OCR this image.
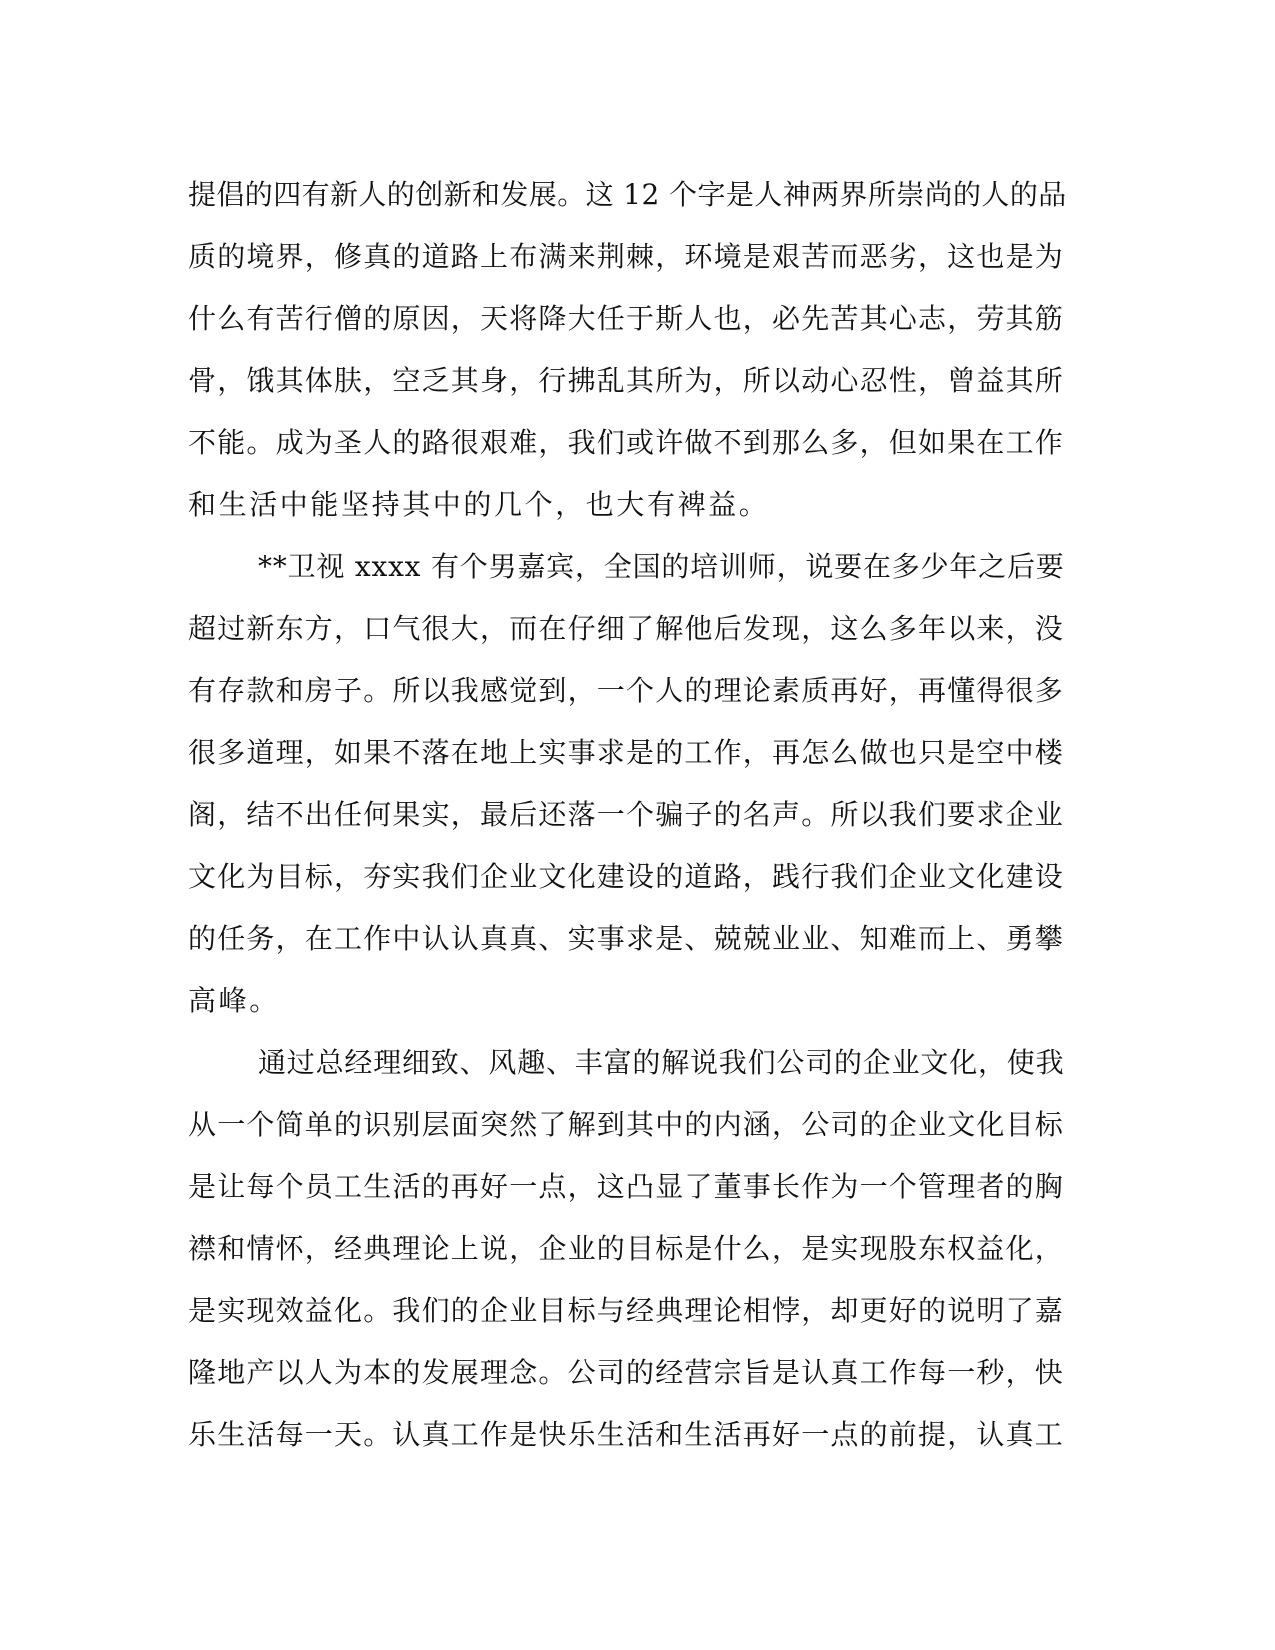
提倡的四有新人的创新和发展。这 12 个字是人神两界所崇尚的人的品
质的境界，修真的道路上布满来荆棘，环境是艰苦而恶劣，这也是为
什么有苦行僧的原因，天将降大任于斯人也，必先苦其心志，劳其筋
骨，饿其体肤，空乏其身，行拂乱其所为，所以动心忍性，曾益其所
不能。成为圣人的路很艰难，我们或许做不到那么多，但如果在工作
和生活中能坚持其中的几个，也大有裨益。
**卫视 xxxx 有个男嘉宾，全国的培训师，说要在多少年之后要
超过新东方，口气很大，而在仔细了解他后发现，这么多年以来，没
有存款和房子。所以我感觉到，一个人的理论素质再好，再懂得很多
很多道理，如果不落在地上实事求是的工作，再怎么做也只是空中楼
阁，结不出任何果实，最后还落一个骗子的名声。所以我们要求企业
文化为目标，夯实我们企业文化建设的道路，践行我们企业文化建设
的任务，在工作中认认真真、实事求是、兢兢业业、知难而上、勇攀
高峰。
通过总经理细致、风趣、丰富的解说我们公司的企业文化，使我
从一个简单的识别层面突然了解到其中的内涵，公司的企业文化目标
是让每个员工生活的再好一点，这凸显了董事长作为一个管理者的胸
襟和情怀，经典理论上说，企业的目标是什么，是实现股东权益化，
是实现效益化。我们的企业目标与经典理论相悖，却更好的说明了嘉
隆地产以人为本的发展理念。公司的经营宗旨是认真工作每一秒，快
乐生活每一天。认真工作是快乐生活和生活再好一点的前提，认真工
